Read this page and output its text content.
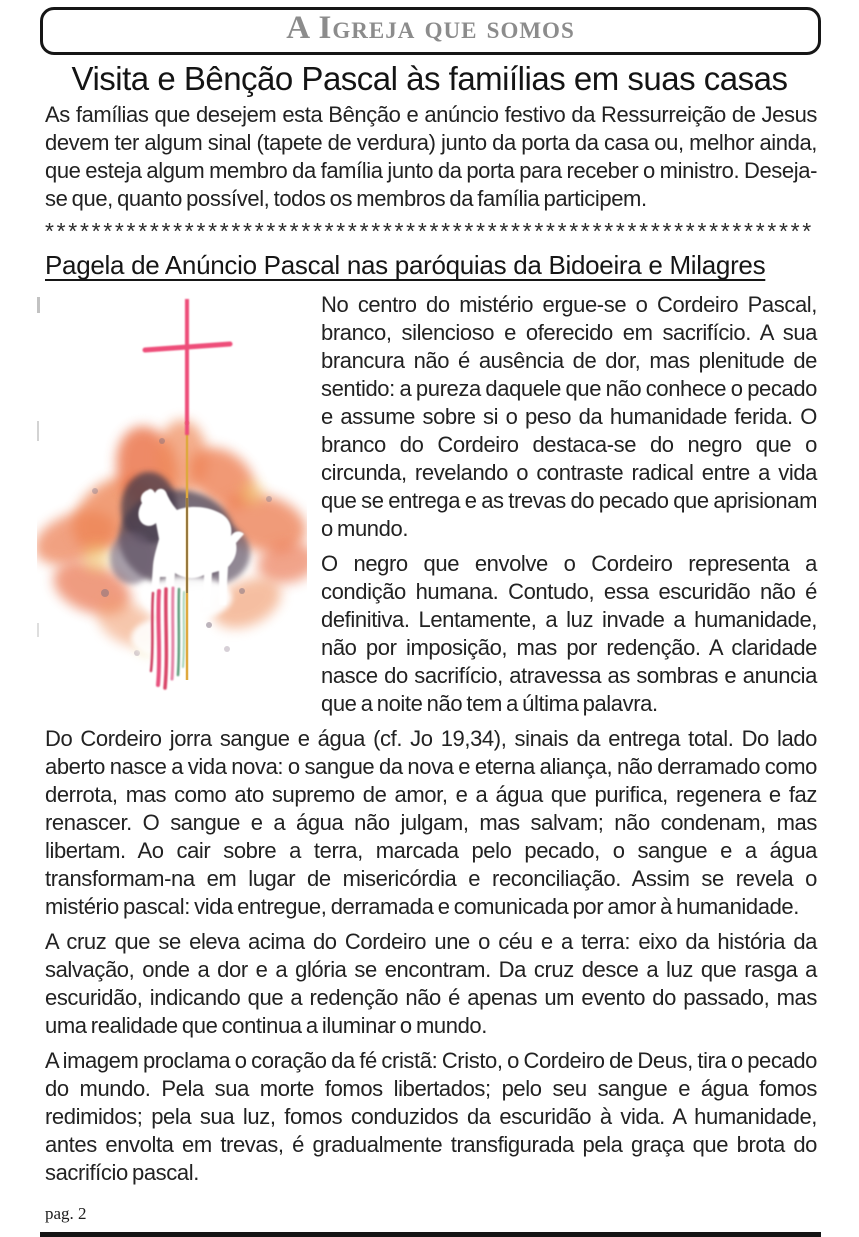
A Igreja que somos
Visita e Bênção Pascal às famiílias em suas casas

As famílias que desejem esta Bênção e anúncio festivo da Ressurreição de Jesus devem ter algum sinal (tapete de verdura) junto da porta da casa ou, melhor ainda, que esteja algum membro da família junto da porta para receber o ministro. Deseja-se que, quanto possível, todos os membros da família participem.

******************************************************************
Pagela de Anúncio Pascal nas paróquias da Bidoeira e Milagres

No centro do mistério ergue-se o Cordeiro Pascal, branco, silencioso e oferecido em sacrifício. A sua brancura não é ausência de dor, mas plenitude de sentido: a pureza daquele que não conhece o pecado e assume sobre si o peso da humanidade ferida. O branco do Cordeiro destaca-se do negro que o circunda, revelando o contraste radical entre a vida que se entrega e as trevas do pecado que aprisionam o mundo.

O negro que envolve o Cordeiro representa a condição humana. Contudo, essa escuridão não é definitiva. Lentamente, a luz invade a humanidade, não por imposição, mas por redenção. A claridade nasce do sacrifício, atravessa as sombras e anuncia que a noite não tem a última palavra.

Do Cordeiro jorra sangue e água (cf. Jo 19,34), sinais da entrega total. Do lado aberto nasce a vida nova: o sangue da nova e eterna aliança, não derramado como derrota, mas como ato supremo de amor, e a água que purifica, regenera e faz renascer. O sangue e a água não julgam, mas salvam; não condenam, mas libertam. Ao cair sobre a terra, marcada pelo pecado, o sangue e a água transformam-na em lugar de misericórdia e reconciliação. Assim se revela o mistério pascal: vida entregue, derramada e comunicada por amor à humanidade.

A cruz que se eleva acima do Cordeiro une o céu e a terra: eixo da história da salvação, onde a dor e a glória se encontram. Da cruz desce a luz que rasga a escuridão, indicando que a redenção não é apenas um evento do passado, mas uma realidade que continua a iluminar o mundo.

A imagem proclama o coração da fé cristã: Cristo, o Cordeiro de Deus, tira o pecado do mundo. Pela sua morte fomos libertados; pelo seu sangue e água fomos redimidos; pela sua luz, fomos conduzidos da escuridão à vida. A humanidade, antes envolta em trevas, é gradualmente transfigurada pela graça que brota do sacrifício pascal.

pag. 2
